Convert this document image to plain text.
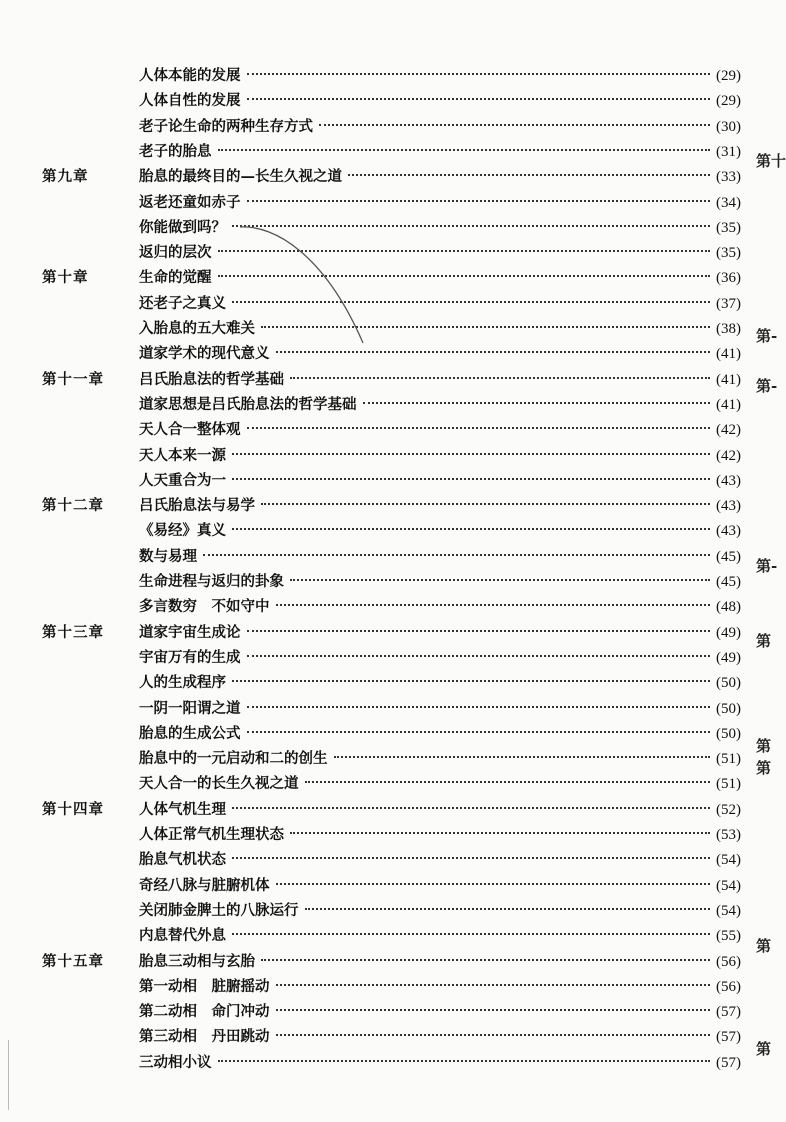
人体本能的发展	(29)
人体自性的发展	(29)
老子论生命的两种生存方式	(30)
老子的胎息	(31)
第九章	胎息的最终目的—长生久视之道	(33)
返老还童如赤子	(34)
你能做到吗？	(35)
返归的层次	(35)
第十章	生命的觉醒	(36)
还老子之真义	(37)
入胎息的五大难关	(38)
道家学术的现代意义	(41)
第十一章 吕氏胎息法的哲学基础	(41)
道家思想是吕氏胎息法的哲学基础	(41)
天人合一整体观	(42)
天人本来一源	(42)
人天重合为一	(43)
第十二章 吕氏胎息法与易学	(43)
《易经》真义	(43)
数与易理	(45)
生命进程与返归的卦象	(45)
多言数穷　不如守中	(48)
第十三章 道家宇宙生成论	(49)
宇宙万有的生成	(49)
人的生成程序	(50)
一阴一阳谓之道	(50)
胎息的生成公式	(50)
胎息中的一元启动和二的创生	(51)
天人合一的长生久视之道	(51)
第十四章 人体气机生理	(52)
人体正常气机生理状态	(53)
胎息气机状态	(54)
奇经八脉与脏腑机体	(54)
关闭肺金脾土的八脉运行	(54)
内息替代外息	(55)
第十五章 胎息三动相与玄胎	(56)
第一动相　脏腑摇动	(56)
第二动相　命门冲动	(57)
第三动相　丹田跳动	(57)
三动相小议	(57)
第十
第-
第-
第-
第
第
第
第
第
